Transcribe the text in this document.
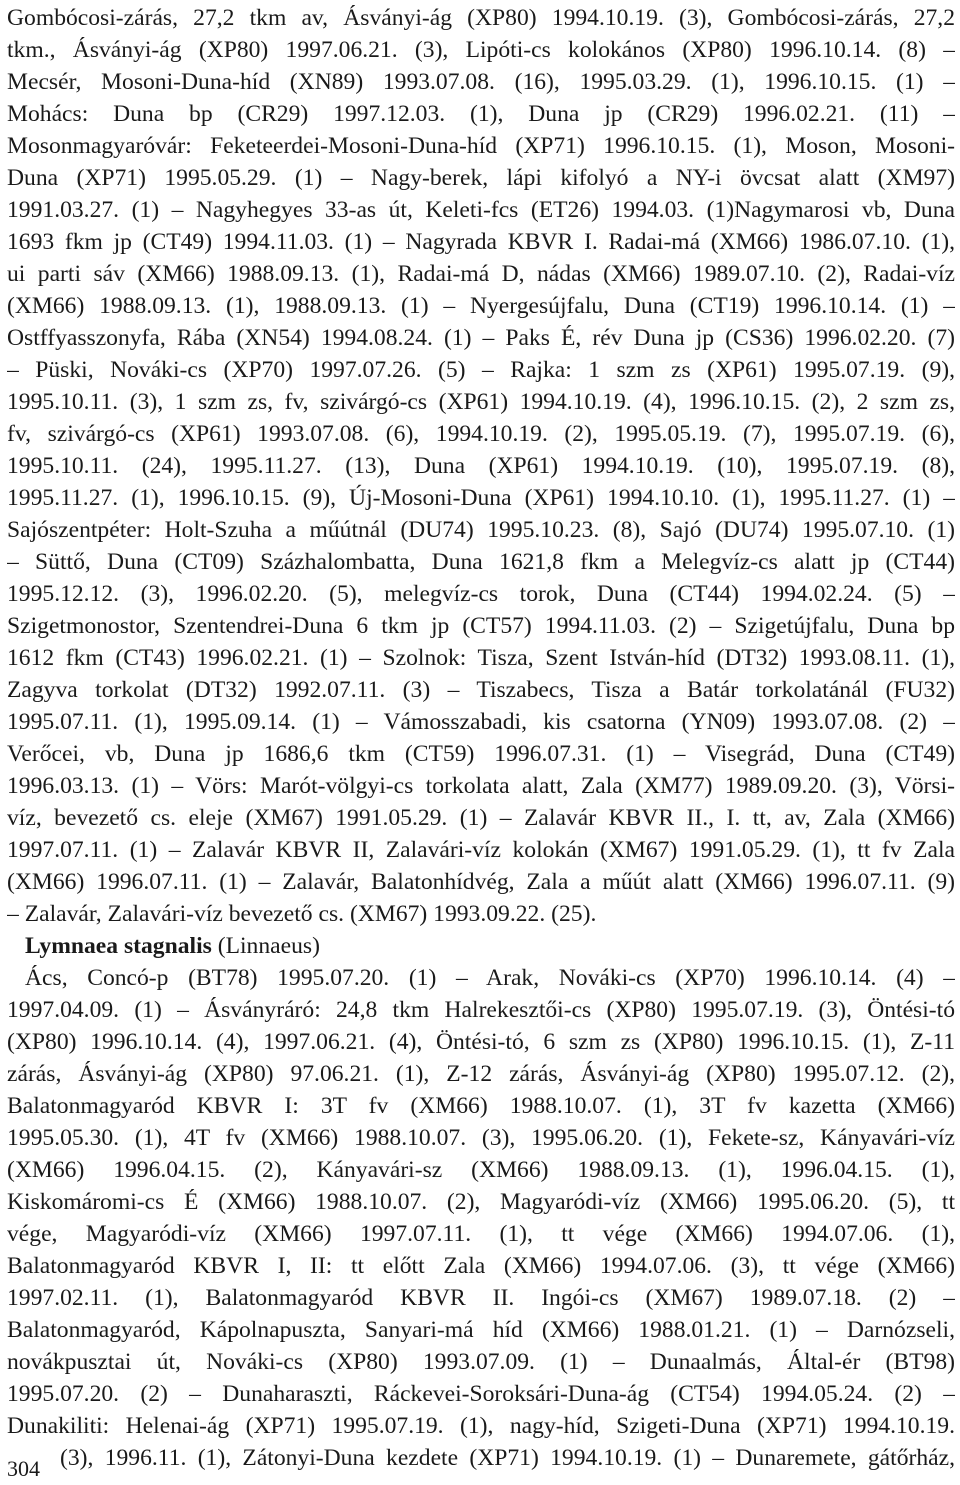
Gombócosi-zárás, 27,2 tkm av, Ásványi-ág (XP80) 1994.10.19. (3), Gombócosi-zárás, 27,2
tkm., Ásványi-ág (XP80) 1997.06.21. (3), Lipóti-cs kolokános (XP80) 1996.10.14. (8) –
Mecsér, Mosoni-Duna-híd (XN89) 1993.07.08. (16), 1995.03.29. (1), 1996.10.15. (1) –
Mohács: Duna bp (CR29) 1997.12.03. (1), Duna jp (CR29) 1996.02.21. (11) –
Mosonmagyaróvár: Feketeerdei-Mosoni-Duna-híd (XP71) 1996.10.15. (1), Moson, Mosoni-
Duna (XP71) 1995.05.29. (1) – Nagy-berek, lápi kifolyó a NY-i övcsat alatt (XM97)
1991.03.27. (1) – Nagyhegyes 33-as út, Keleti-fcs (ET26) 1994.03. (1)Nagymarosi vb, Duna
1693 fkm jp (CT49) 1994.11.03. (1) – Nagyrada KBVR I. Radai-má (XM66) 1986.07.10. (1),
ui parti sáv (XM66) 1988.09.13. (1), Radai-má D, nádas (XM66) 1989.07.10. (2), Radai-víz
(XM66) 1988.09.13. (1), 1988.09.13. (1) – Nyergesújfalu, Duna (CT19) 1996.10.14. (1) –
Ostffyasszonyfa, Rába (XN54) 1994.08.24. (1) – Paks É, rév Duna jp (CS36) 1996.02.20. (7)
– Püski, Nováki-cs (XP70) 1997.07.26. (5) – Rajka: 1 szm zs (XP61) 1995.07.19. (9),
1995.10.11. (3), 1 szm zs, fv, szivárgó-cs (XP61) 1994.10.19. (4), 1996.10.15. (2), 2 szm zs,
fv, szivárgó-cs (XP61) 1993.07.08. (6), 1994.10.19. (2), 1995.05.19. (7), 1995.07.19. (6),
1995.10.11. (24), 1995.11.27. (13), Duna (XP61) 1994.10.19. (10), 1995.07.19. (8),
1995.11.27. (1), 1996.10.15. (9), Új-Mosoni-Duna (XP61) 1994.10.10. (1), 1995.11.27. (1) –
Sajószentpéter: Holt-Szuha a műútnál (DU74) 1995.10.23. (8), Sajó (DU74) 1995.07.10. (1)
– Süttő, Duna (CT09) Százhalombatta, Duna 1621,8 fkm a Melegvíz-cs alatt jp (CT44)
1995.12.12. (3), 1996.02.20. (5), melegvíz-cs torok, Duna (CT44) 1994.02.24. (5) –
Szigetmonostor, Szentendrei-Duna 6 tkm jp (CT57) 1994.11.03. (2) – Szigetújfalu, Duna bp
1612 fkm (CT43) 1996.02.21. (1) – Szolnok: Tisza, Szent István-híd (DT32) 1993.08.11. (1),
Zagyva torkolat (DT32) 1992.07.11. (3) – Tiszabecs, Tisza a Batár torkolatánál (FU32)
1995.07.11. (1), 1995.09.14. (1) – Vámosszabadi, kis csatorna (YN09) 1993.07.08. (2) –
Verőcei, vb, Duna jp 1686,6 tkm (CT59) 1996.07.31. (1) – Visegrád, Duna (CT49)
1996.03.13. (1) – Vörs: Marót-völgyi-cs torkolata alatt, Zala (XM77) 1989.09.20. (3), Vörsi-
víz, bevezető cs. eleje (XM67) 1991.05.29. (1) – Zalavár KBVR II., I. tt, av, Zala (XM66)
1997.07.11. (1) – Zalavár KBVR II, Zalavári-víz kolokán (XM67) 1991.05.29. (1), tt fv Zala
(XM66) 1996.07.11. (1) – Zalavár, Balatonhídvég, Zala a műút alatt (XM66) 1996.07.11. (9)
– Zalavár, Zalavári-víz bevezető cs. (XM67) 1993.09.22. (25).
Lymnaea stagnalis (Linnaeus)
Ács, Concó-p (BT78) 1995.07.20. (1) – Arak, Nováki-cs (XP70) 1996.10.14. (4) –
1997.04.09. (1) – Ásványráró: 24,8 tkm Halrekesztői-cs (XP80) 1995.07.19. (3), Öntési-tó
(XP80) 1996.10.14. (4), 1997.06.21. (4), Öntési-tó, 6 szm zs (XP80) 1996.10.15. (1), Z-11
zárás, Ásványi-ág (XP80) 97.06.21. (1), Z-12 zárás, Ásványi-ág (XP80) 1995.07.12. (2),
Balatonmagyaród KBVR I: 3T fv (XM66) 1988.10.07. (1), 3T fv kazetta (XM66)
1995.05.30. (1), 4T fv (XM66) 1988.10.07. (3), 1995.06.20. (1), Fekete-sz, Kányavári-víz
(XM66) 1996.04.15. (2), Kányavári-sz (XM66) 1988.09.13. (1), 1996.04.15. (1),
Kiskomáromi-cs É (XM66) 1988.10.07. (2), Magyaródi-víz (XM66) 1995.06.20. (5), tt
vége, Magyaródi-víz (XM66) 1997.07.11. (1), tt vége (XM66) 1994.07.06. (1),
Balatonmagyaród KBVR I, II: tt előtt Zala (XM66) 1994.07.06. (3), tt vége (XM66)
1997.02.11. (1), Balatonmagyaród KBVR II. Ingói-cs (XM67) 1989.07.18. (2) –
Balatonmagyaród, Kápolnapuszta, Sanyari-má híd (XM66) 1988.01.21. (1) – Darnózseli,
novákpusztai út, Nováki-cs (XP80) 1993.07.09. (1) – Dunaalmás, Által-ér (BT98)
1995.07.20. (2) – Dunaharaszti, Ráckevei-Soroksári-Duna-ág (CT54) 1994.05.24. (2) –
Dunakiliti: Helenai-ág (XP71) 1995.07.19. (1), nagy-híd, Szigeti-Duna (XP71) 1994.10.19.
(3), 1996.11. (1), Zátonyi-Duna kezdete (XP71) 1994.10.19. (1) – Dunaremete, gátőrház,
304
